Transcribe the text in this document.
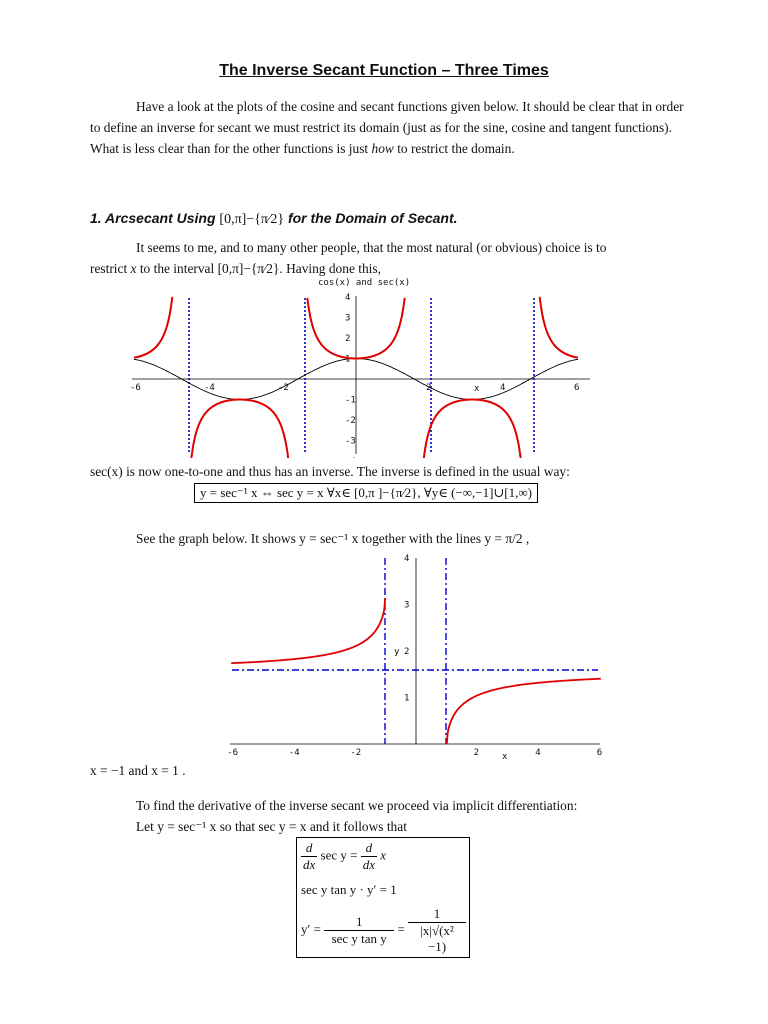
The Inverse Secant Function – Three Times
Have a look at the plots of the cosine and secant functions given below. It should be clear that in order to define an inverse for secant we must restrict its domain (just as for the sine, cosine and tangent functions). What is less clear than for the other functions is just how to restrict the domain.
1. Arcsecant Using [0,π]−{π⁄2} for the Domain of Secant.
It seems to me, and to many other people, that the most natural (or obvious) choice is to
restrict x to the interval [0,π]−{π⁄2}. Having done this,
cos(x) and sec(x)
-6	-4	-2	2	4	6
4
3
2
1
-1
-2
-3
x
sec(x) is now one-to-one and thus has an inverse. The inverse is defined in the usual way:
y = sec⁻¹ x ⇔ sec y = x ∀x∈ [0,π ]−{π⁄2}, ∀y∈ (−∞,−1]∪[1,∞)
See the graph below. It shows y = sec⁻¹ x together with the lines y = π/2 ,
-6	-4	-2	2	4	6
4
3
2
1
y
x
x = −1 and x = 1 .
To find the derivative of the inverse secant we proceed via implicit differentiation:
Let y = sec⁻¹ x so that sec y = x and it follows that
$\frac{d}{dx}$ $\sec y = \frac{d}{dx}$ x
sec y tan y · y′ = 1
$y' = \frac{1}{\text{sec y tan y}} = \frac{1}{\text{|x|√(x² −1)}}$
